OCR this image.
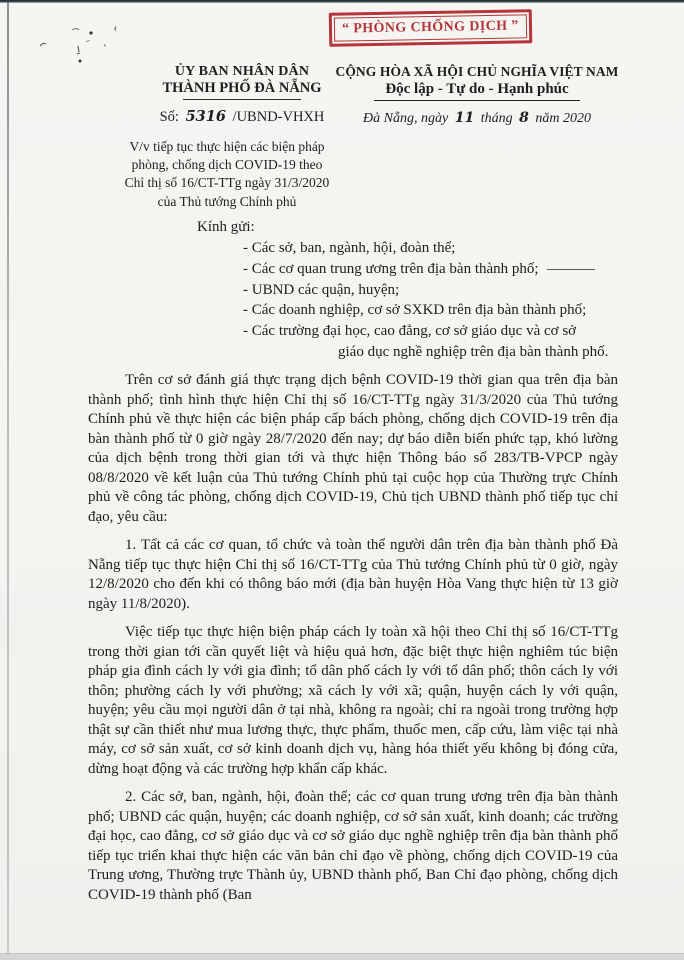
“ PHÒNG CHỐNG DỊCH ”
ỦY BAN NHÂN DÂN
THÀNH PHỐ ĐÀ NẴNG
Số: 5316 /UBND-VHXH
CỘNG HÒA XÃ HỘI CHỦ NGHĨA VIỆT NAM
Độc lập - Tự do - Hạnh phúc
Đà Nẵng, ngày 11 tháng 8 năm 2020
V/v tiếp tục thực hiện các biện pháp
phòng, chống dịch COVID-19 theo
Chỉ thị số 16/CT-TTg ngày 31/3/2020
của Thủ tướng Chính phủ
Kính gửi:
- Các sở, ban, ngành, hội, đoàn thể;
- Các cơ quan trung ương trên địa bàn thành phố;
- UBND các quận, huyện;
- Các doanh nghiệp, cơ sở SXKD trên địa bàn thành phố;
- Các trường đại học, cao đẳng, cơ sở giáo dục và cơ sở
giáo dục nghề nghiệp trên địa bàn thành phố.

Trên cơ sở đánh giá thực trạng dịch bệnh COVID-19 thời gian qua trên địa bàn thành phố; tình hình thực hiện Chỉ thị số 16/CT-TTg ngày 31/3/2020 của Thủ tướng Chính phủ về thực hiện các biện pháp cấp bách phòng, chống dịch COVID-19 trên địa bàn thành phố từ 0 giờ ngày 28/7/2020 đến nay; dự báo diễn biến phức tạp, khó lường của dịch bệnh trong thời gian tới và thực hiện Thông báo số 283/TB-VPCP ngày 08/8/2020 về kết luận của Thủ tướng Chính phủ tại cuộc họp của Thường trực Chính phủ về công tác phòng, chống dịch COVID-19, Chủ tịch UBND thành phố tiếp tục chỉ đạo, yêu cầu:

1. Tất cả các cơ quan, tổ chức và toàn thể người dân trên địa bàn thành phố Đà Nẵng tiếp tục thực hiện Chỉ thị số 16/CT-TTg của Thủ tướng Chính phủ từ 0 giờ, ngày 12/8/2020 cho đến khi có thông báo mới (địa bàn huyện Hòa Vang thực hiện từ 13 giờ ngày 11/8/2020).

Việc tiếp tục thực hiện biện pháp cách ly toàn xã hội theo Chỉ thị số 16/CT-TTg trong thời gian tới cần quyết liệt và hiệu quả hơn, đặc biệt thực hiện nghiêm túc biện pháp gia đình cách ly với gia đình; tổ dân phố cách ly với tổ dân phố; thôn cách ly với thôn; phường cách ly với phường; xã cách ly với xã; quận, huyện cách ly với quận, huyện; yêu cầu mọi người dân ở tại nhà, không ra ngoài; chỉ ra ngoài trong trường hợp thật sự cần thiết như mua lương thực, thực phẩm, thuốc men, cấp cứu, làm việc tại nhà máy, cơ sở sản xuất, cơ sở kinh doanh dịch vụ, hàng hóa thiết yếu không bị đóng cửa, dừng hoạt động và các trường hợp khẩn cấp khác.

2. Các sở, ban, ngành, hội, đoàn thể; các cơ quan trung ương trên địa bàn thành phố; UBND các quận, huyện; các doanh nghiệp, cơ sở sản xuất, kinh doanh; các trường đại học, cao đẳng, cơ sở giáo dục và cơ sở giáo dục nghề nghiệp trên địa bàn thành phố tiếp tục triển khai thực hiện các văn bản chỉ đạo về phòng, chống dịch COVID-19 của Trung ương, Thường trực Thành ủy, UBND thành phố, Ban Chỉ đạo phòng, chống dịch COVID-19 thành phố (Ban
